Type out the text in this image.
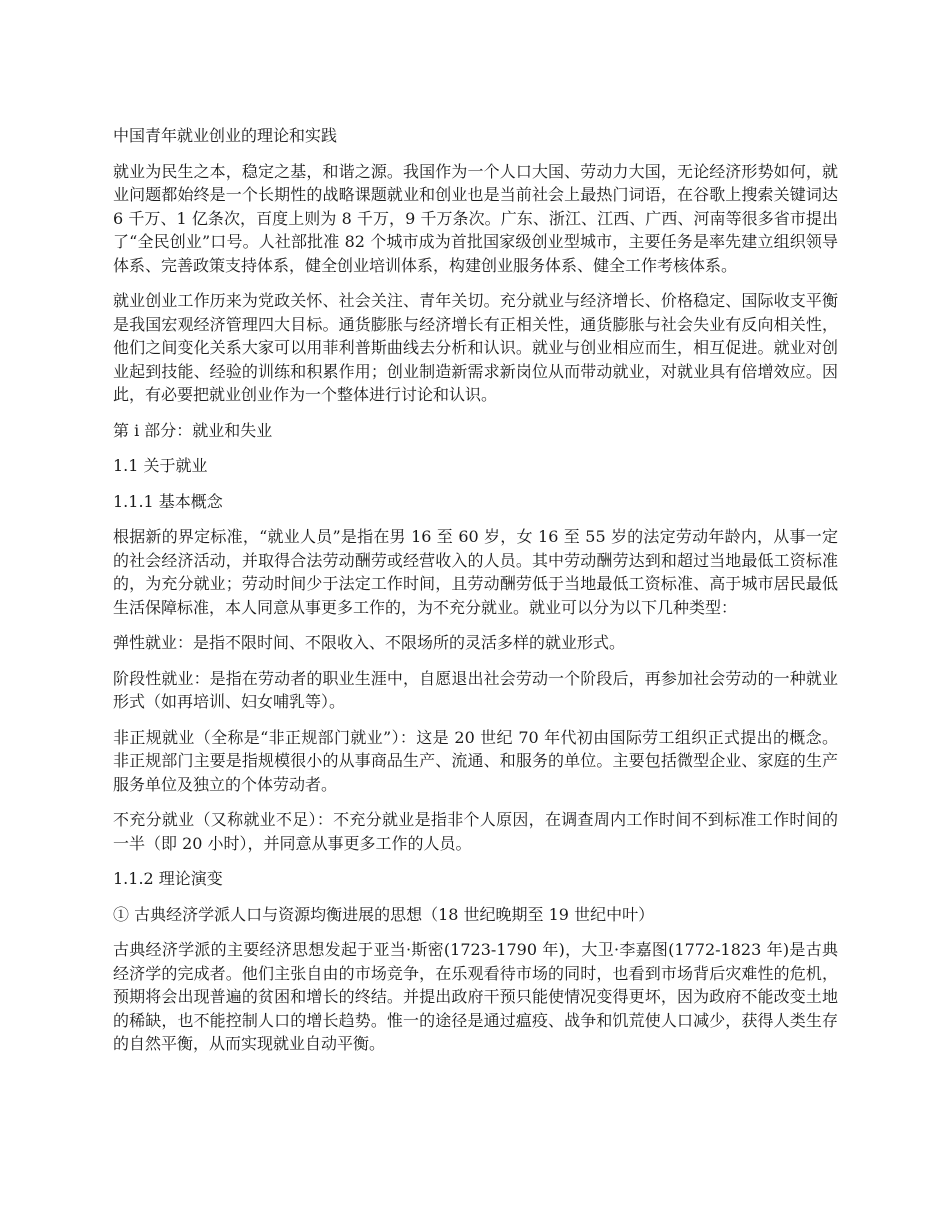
中国青年就业创业的理论和实践

就业为民生之本，稳定之基，和谐之源。我国作为一个人口大国、劳动力大国，无论经济形势如何，就业问题都始终是一个长期性的战略课题就业和创业也是当前社会上最热门词语，在谷歌上搜索关键词达 6 千万、1 亿条次，百度上则为 8 千万，9 千万条次。广东、浙江、江西、广西、河南等很多省市提出了“全民创业”口号。人社部批准 82 个城市成为首批国家级创业型城市，主要任务是率先建立组织领导体系、完善政策支持体系，健全创业培训体系，构建创业服务体系、健全工作考核体系。

就业创业工作历来为党政关怀、社会关注、青年关切。充分就业与经济增长、价格稳定、国际收支平衡是我国宏观经济管理四大目标。通货膨胀与经济增长有正相关性，通货膨胀与社会失业有反向相关性，他们之间变化关系大家可以用菲利普斯曲线去分析和认识。就业与创业相应而生，相互促进。就业对创业起到技能、经验的训练和积累作用；创业制造新需求新岗位从而带动就业，对就业具有倍增效应。因此，有必要把就业创业作为一个整体进行讨论和认识。

第 i 部分：就业和失业
1.1 关于就业
1.1.1 基本概念

根据新的界定标准，“就业人员”是指在男 16 至 60 岁，女 16 至 55 岁的法定劳动年龄内，从事一定的社会经济活动，并取得合法劳动酬劳或经营收入的人员。其中劳动酬劳达到和超过当地最低工资标准的，为充分就业；劳动时间少于法定工作时间，且劳动酬劳低于当地最低工资标准、高于城市居民最低生活保障标准，本人同意从事更多工作的，为不充分就业。就业可以分为以下几种类型：

弹性就业：是指不限时间、不限收入、不限场所的灵活多样的就业形式。

阶段性就业：是指在劳动者的职业生涯中，自愿退出社会劳动一个阶段后，再参加社会劳动的一种就业形式（如再培训、妇女哺乳等）。

非正规就业（全称是“非正规部门就业”）：这是 20 世纪 70 年代初由国际劳工组织正式提出的概念。非正规部门主要是指规模很小的从事商品生产、流通、和服务的单位。主要包括微型企业、家庭的生产服务单位及独立的个体劳动者。

不充分就业（又称就业不足）：不充分就业是指非个人原因，在调查周内工作时间不到标准工作时间的一半（即 20 小时），并同意从事更多工作的人员。

1.1.2 理论演变
① 古典经济学派人口与资源均衡进展的思想（18 世纪晚期至 19 世纪中叶）

古典经济学派的主要经济思想发起于亚当·斯密(1723-1790 年)，大卫·李嘉图(1772-1823 年)是古典经济学的完成者。他们主张自由的市场竞争，在乐观看待市场的同时，也看到市场背后灾难性的危机，预期将会出现普遍的贫困和增长的终结。并提出政府干预只能使情况变得更坏，因为政府不能改变土地的稀缺，也不能控制人口的增长趋势。惟一的途径是通过瘟疫、战争和饥荒使人口减少，获得人类生存的自然平衡，从而实现就业自动平衡。
